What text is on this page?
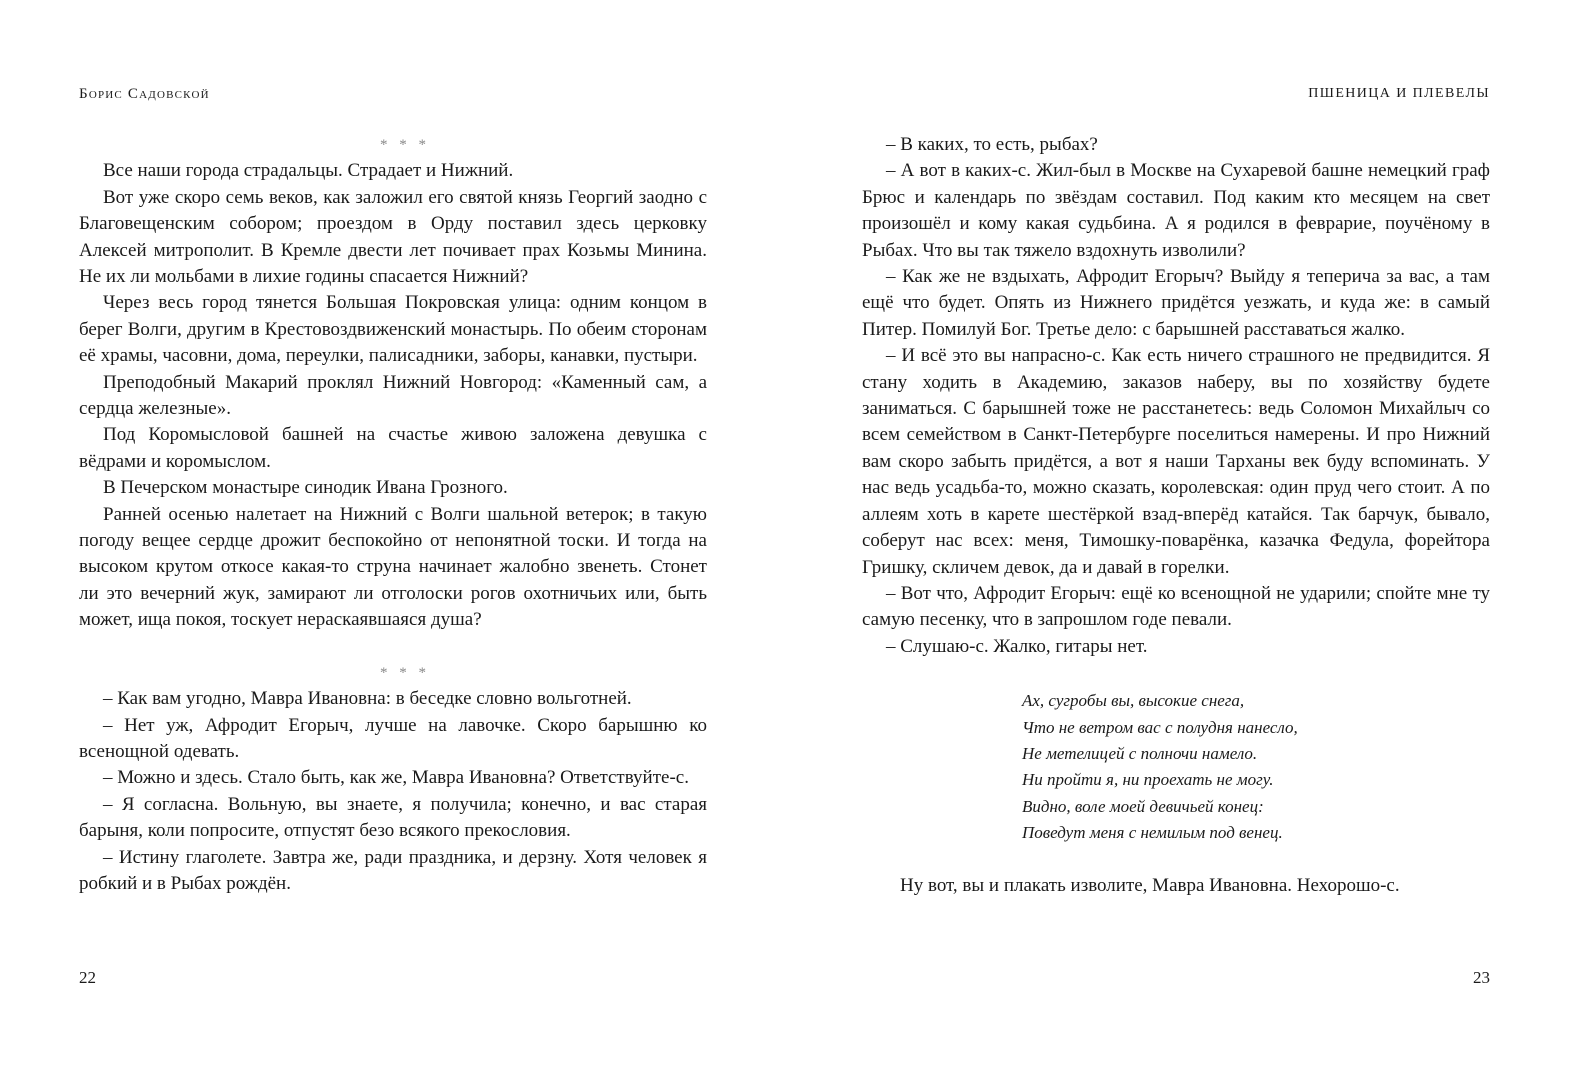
Борис Садовской

* * *

Все наши города страдальцы. Страдает и Нижний.

Вот уже скоро семь веков, как заложил его святой князь Георгий заодно с Благовещенским собором; проездом в Орду поставил здесь церковку Алексей митрополит. В Кремле двести лет почивает прах Козьмы Минина. Не их ли мольбами в лихие годины спасается Нижний?

Через весь город тянется Большая Покровская улица: одним концом в берег Волги, другим в Крестовоздвиженский монастырь. По обеим сторонам её храмы, часовни, дома, переулки, палисадники, заборы, канавки, пустыри.

Преподобный Макарий проклял Нижний Новгород: «Каменный сам, а сердца железные».

Под Коромысловой башней на счастье живою заложена девушка с вёдрами и коромыслом.

В Печерском монастыре синодик Ивана Грозного.

Ранней осенью налетает на Нижний с Волги шальной ветерок; в такую погоду вещее сердце дрожит беспокойно от непонятной тоски. И тогда на высоком крутом откосе какая-то струна начинает жалобно звенеть. Стонет ли это вечерний жук, замирают ли отголоски рогов охотничьих или, быть может, ища покоя, тоскует нераскаявшаяся душа?

* * *

– Как вам угодно, Мавра Ивановна: в беседке словно вольготней.

– Нет уж, Афродит Егорыч, лучше на лавочке. Скоро барышню ко всенощной одевать.

– Можно и здесь. Стало быть, как же, Мавра Ивановна? Ответствуйте-с.

– Я согласна. Вольную, вы знаете, я получила; конечно, и вас старая барыня, коли попросите, отпустят безо всякого прекословия.

– Истину глаголете. Завтра же, ради праздника, и дерзну. Хотя человек я робкий и в Рыбах рождён.

22
ПШЕНИЦА И ПЛЕВЕЛЫ

– В каких, то есть, рыбах?

– А вот в каких-с. Жил-был в Москве на Сухаревой башне немецкий граф Брюс и календарь по звёздам составил. Под каким кто месяцем на свет произошёл и кому какая судьбина. А я родился в феврарие, поучёному в Рыбах. Что вы так тяжело вздохнуть изволили?

– Как же не вздыхать, Афродит Егорыч? Выйду я теперича за вас, а там ещё что будет. Опять из Нижнего придётся уезжать, и куда же: в самый Питер. Помилуй Бог. Третье дело: с барышней расставаться жалко.

– И всё это вы напрасно-с. Как есть ничего страшного не предвидится. Я стану ходить в Академию, заказов наберу, вы по хозяйству будете заниматься. С барышней тоже не расстанетесь: ведь Соломон Михайлыч со всем семейством в Санкт-Петербурге поселиться намерены. И про Нижний вам скоро забыть придётся, а вот я наши Тарханы век буду вспоминать. У нас ведь усадьба-то, можно сказать, королевская: один пруд чего стоит. А по аллеям хоть в карете шестёркой взад-вперёд катайся. Так барчук, бывало, соберут нас всех: меня, Тимошку-поварёнка, казачка Федула, форейтора Гришку, скличем девок, да и давай в горелки.

– Вот что, Афродит Егорыч: ещё ко всенощной не ударили; спойте мне ту самую песенку, что в запрошлом годе певали.

– Слушаю-с. Жалко, гитары нет.

Ах, сугробы вы, высокие снега,
Что не ветром вас с полудня нанесло,
Не метелицей с полночи намело.
Ни пройти я, ни проехать не могу.
Видно, воле моей девичьей конец:
Поведут меня с немилым под венец.

Ну вот, вы и плакать изволите, Мавра Ивановна. Нехорошо-с.

23
